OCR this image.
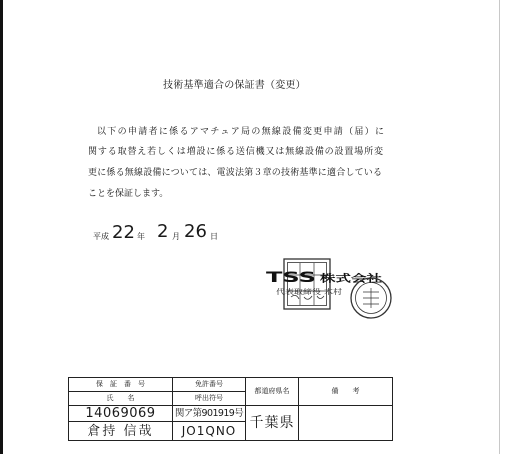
技術基準適合の保証書（変更）
以下の申請者に係るアマチュア局の無線設備変更申請（届）に
関する取替え若しくは増設に係る送信機又は無線設備の設置場所変
更に係る無線設備については、電波法第３章の技術基準に適合している
ことを保証します。
平成 22 年 2 月 26 日
TSS 株式会社
代表取締役 木村
保　証　番　号	免許番号	都道府県名	備　　考
氏　　名	呼出符号		
14069069	関ア第901919号	千葉県	
倉持 信哉	JO1QNO		
